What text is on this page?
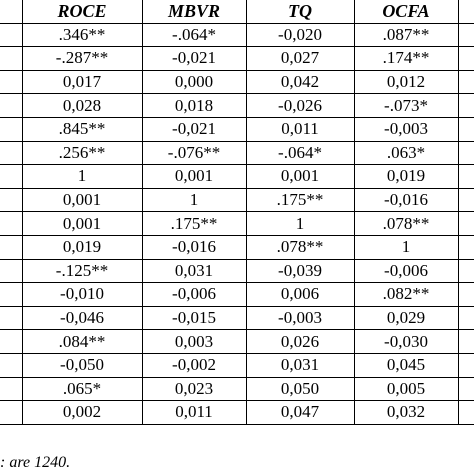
	ROCE	MBVR	TQ	OCFA	
	.346**	-.064*	-0,020	.087**	
	-.287**	-0,021	0,027	.174**	
	0,017	0,000	0,042	0,012	
	0,028	0,018	-0,026	-.073*	
	.845**	-0,021	0,011	-0,003	
	.256**	-.076**	-.064*	.063*	
	1	0,001	0,001	0,019	
	0,001	1	.175**	-0,016	
	0,001	.175**	1	.078**	
	0,019	-0,016	.078**	1	
	-.125**	0,031	-0,039	-0,006	
	-0,010	-0,006	0,006	.082**	
	-0,046	-0,015	-0,003	0,029	
	.084**	0,003	0,026	-0,030	
	-0,050	-0,002	0,031	0,045	
	.065*	0,023	0,050	0,005	
	0,002	0,011	0,047	0,032	
: are 1240.
